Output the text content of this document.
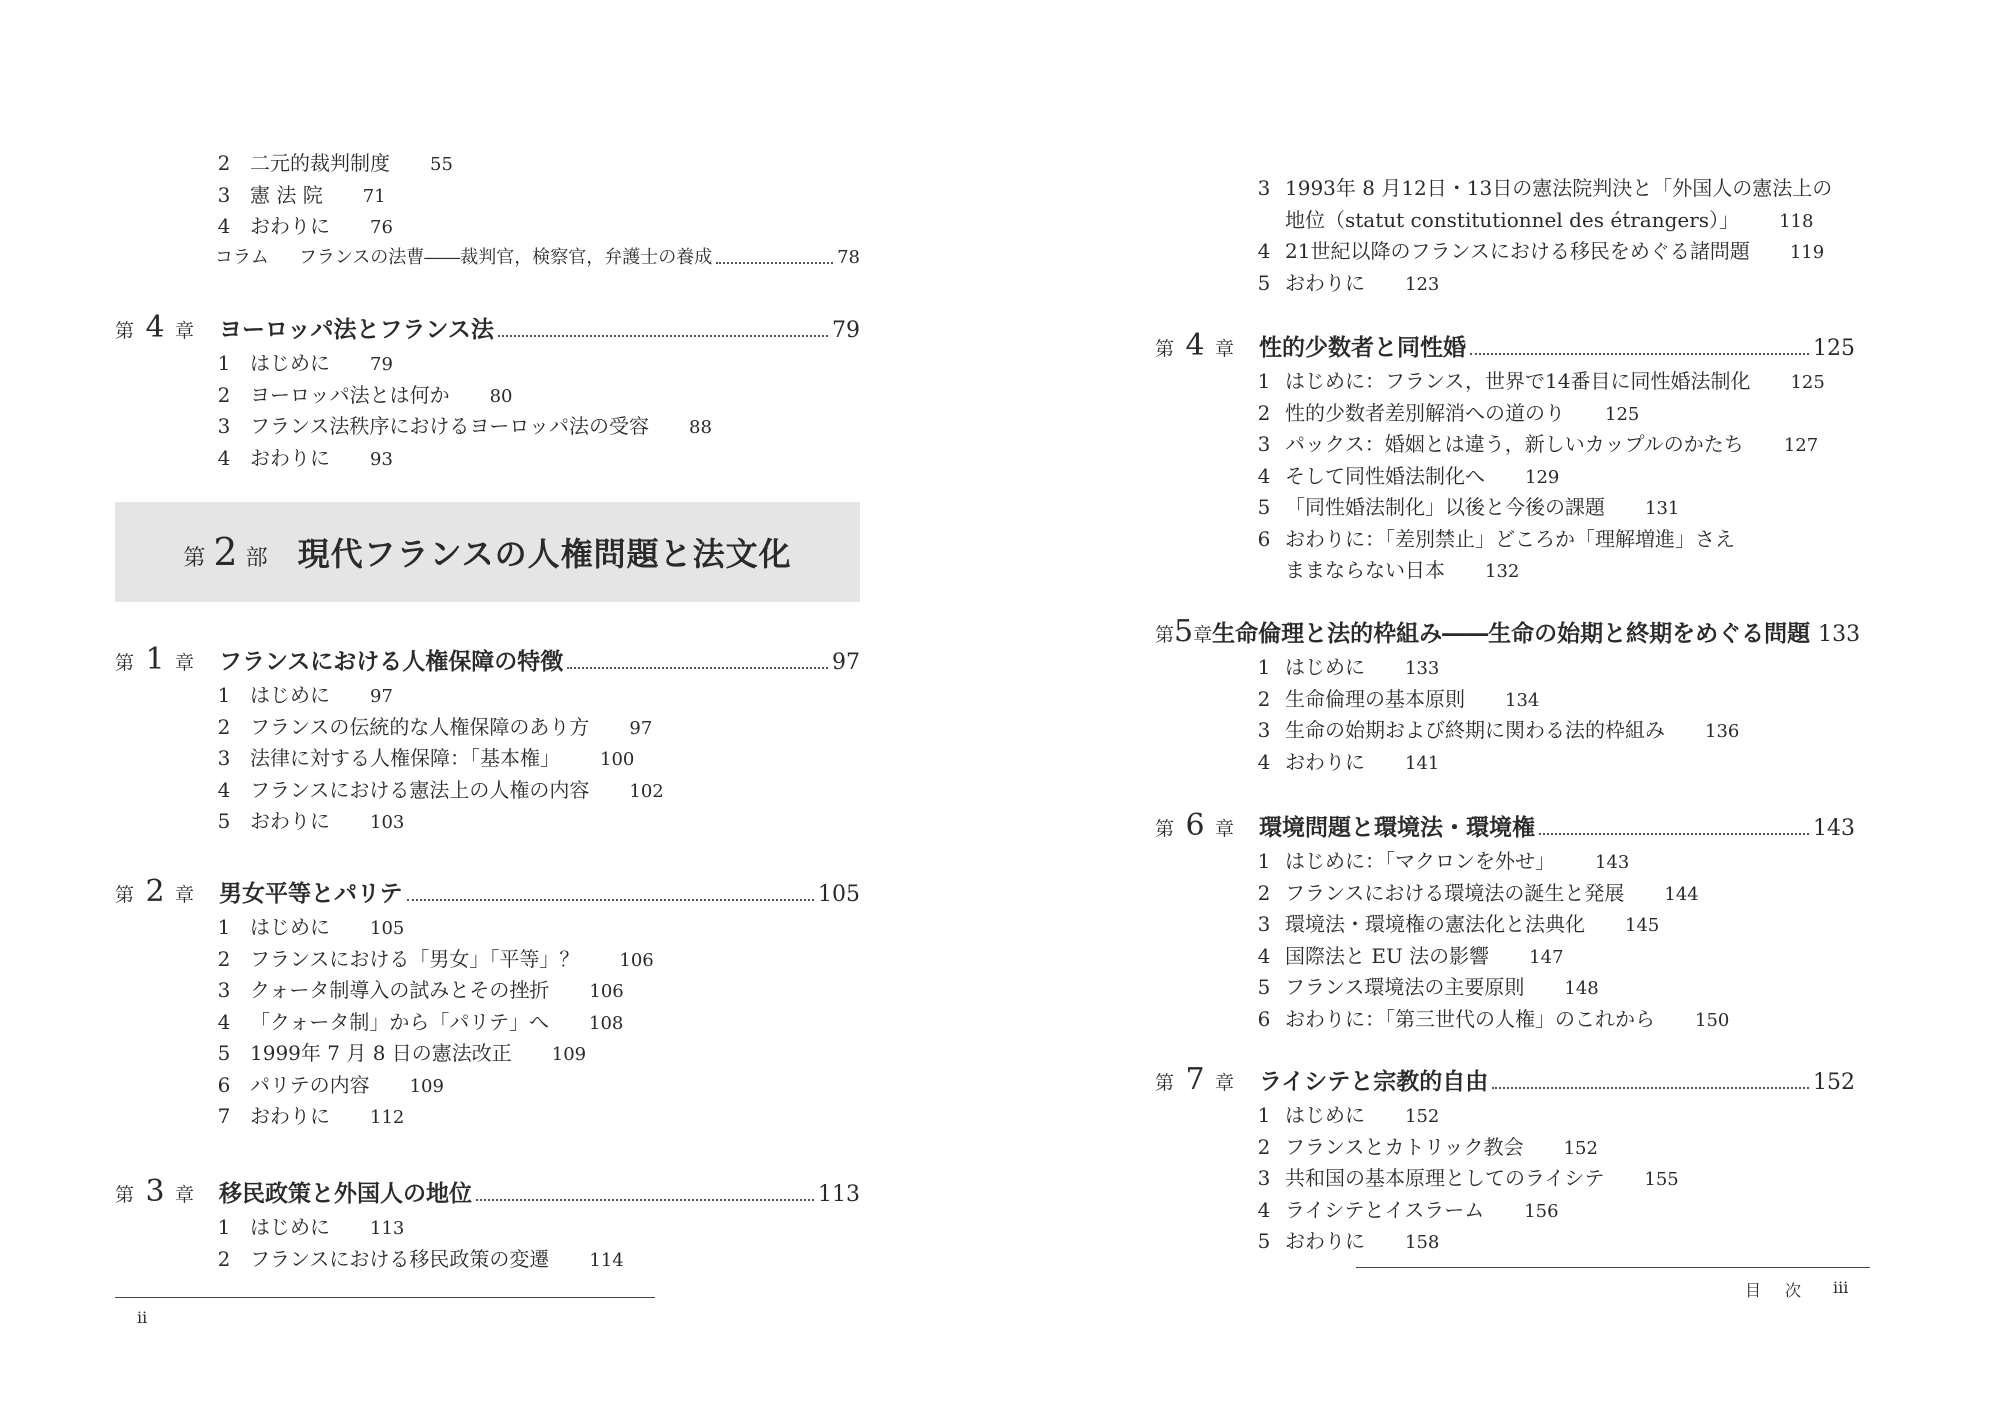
2 二元的裁判制度 55
3 憲 法 院 71
4 おわりに 76
コラム フランスの法曹――裁判官，検察官，弁護士の養成	78
第 4 章	ヨーロッパ法とフランス法	79
1 はじめに 79
2 ヨーロッパ法とは何か 80
3 フランス法秩序におけるヨーロッパ法の受容 88
4 おわりに 93
第 2 部 現代フランスの人権問題と法文化
第 1 章	フランスにおける人権保障の特徴	97
1 はじめに 97
2 フランスの伝統的な人権保障のあり方 97
3 法律に対する人権保障：「基本権」 100
4 フランスにおける憲法上の人権の内容 102
5 おわりに 103
第 2 章	男女平等とパリテ	105
1 はじめに 105
2 フランスにおける「男女」「平等」？ 106
3 クォータ制導入の試みとその挫折 106
4 「クォータ制」から「パリテ」へ 108
5 1999年 7 月 8 日の憲法改正 109
6 パリテの内容 109
7 おわりに 112
第 3 章	移民政策と外国人の地位	113
1 はじめに 113
2 フランスにおける移民政策の変遷 114
ii
3 1993年 8 月12日・13日の憲法院判決と「外国人の憲法上の
地位（statut constitutionnel des étrangers）」 118
4 21世紀以降のフランスにおける移民をめぐる諸問題 119
5 おわりに 123
第 4 章	性的少数者と同性婚	125
1 はじめに：フランス，世界で14番目に同性婚法制化 125
2 性的少数者差別解消への道のり 125
3 パックス：婚姻とは違う，新しいカップルのかたち 127
4 そして同性婚法制化へ 129
5 「同性婚法制化」以後と今後の課題 131
6 おわりに：「差別禁止」どころか「理解増進」さえ
ままならない日本 132
第 5 章 生命倫理と法的枠組み――生命の始期と終期をめぐる問題 133
1 はじめに 133
2 生命倫理の基本原則 134
3 生命の始期および終期に関わる法的枠組み 136
4 おわりに 141
第 6 章	環境問題と環境法・環境権	143
1 はじめに：「マクロンを外せ」 143
2 フランスにおける環境法の誕生と発展 144
3 環境法・環境権の憲法化と法典化 145
4 国際法と EU 法の影響 147
5 フランス環境法の主要原則 148
6 おわりに：「第三世代の人権」のこれから 150
第 7 章	ライシテと宗教的自由	152
1 はじめに 152
2 フランスとカトリック教会 152
3 共和国の基本原理としてのライシテ 155
4 ライシテとイスラーム 156
5 おわりに 158
目 次 iii
